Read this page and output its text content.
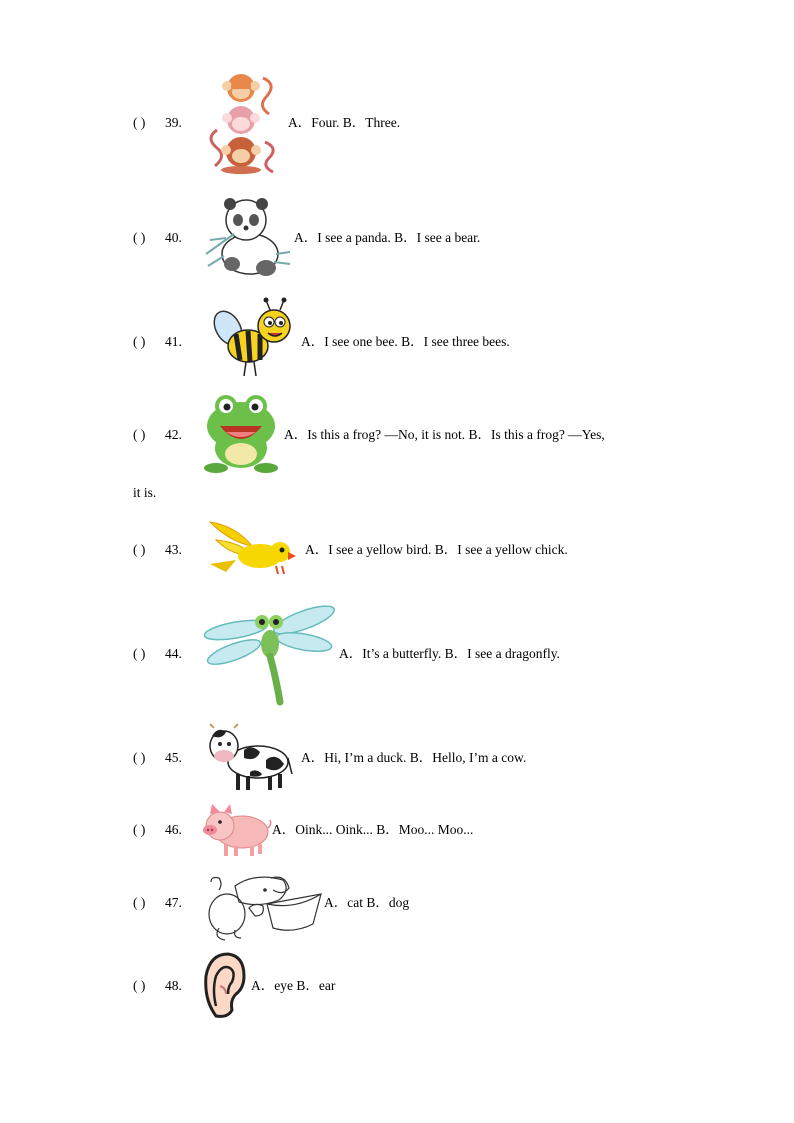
( ) 39.	A．Four. B．Three.
( ) 40.	A．I see a panda. B．I see a bear.
( ) 41.	A．I see one bee. B．I see three bees.
( ) 42.	A．Is this a frog? —No, it is not. B．Is this a frog? —Yes,
it is.
( ) 43.	A．I see a yellow bird. B．I see a yellow chick.
( ) 44.	A．It’s a butterfly. B．I see a dragonfly.
( ) 45.	A．Hi, I’m a duck. B．Hello, I’m a cow.
( ) 46.	A．Oink... Oink... B．Moo... Moo...
( ) 47.	A．cat B．dog
( ) 48.	A．eye B．ear
